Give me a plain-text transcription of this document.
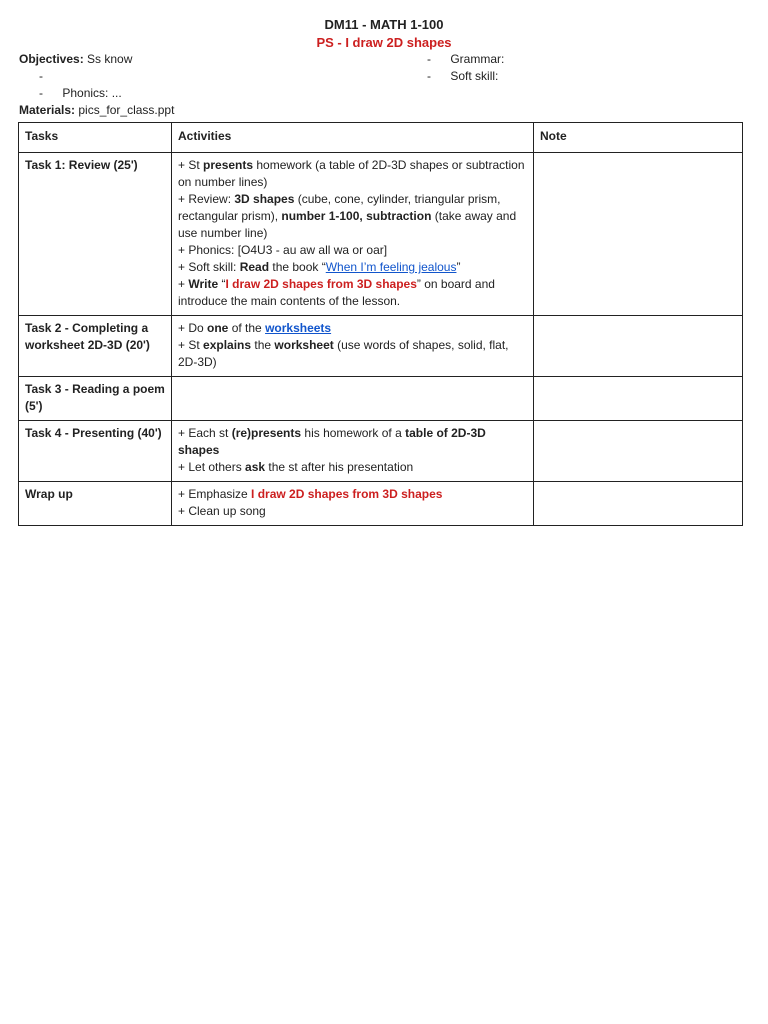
DM11 - MATH 1-100
PS - I draw 2D shapes
Objectives: Ss know
-
- Phonics: ...
- Grammar:
- Soft skill:
Materials: pics_for_class.ppt
Tasks	Activities	Note
Task 1: Review (25')	+ St presents homework (a table of 2D-3D shapes or subtraction on number lines)
+ Review: 3D shapes (cube, cone, cylinder, triangular prism, rectangular prism), number 1-100, subtraction (take away and use number line)
+ Phonics: [O4U3 - au aw all wa or oar]
+ Soft skill: Read the book “When I’m feeling jealous”
+ Write “I draw 2D shapes from 3D shapes” on board and introduce the main contents of the lesson.	

Task 2 - Completing a worksheet 2D-3D (20')	+ Do one of the worksheets
+ St explains the worksheet (use words of shapes, solid, flat, 2D-3D)	

Task 3 - Reading a poem (5')		
Task 4 - Presenting (40')	+ Each st (re)presents his homework of a table of 2D-3D shapes
+ Let others ask the st after his presentation	

Wrap up	+ Emphasize I draw 2D shapes from 3D shapes
+ Clean up song	
